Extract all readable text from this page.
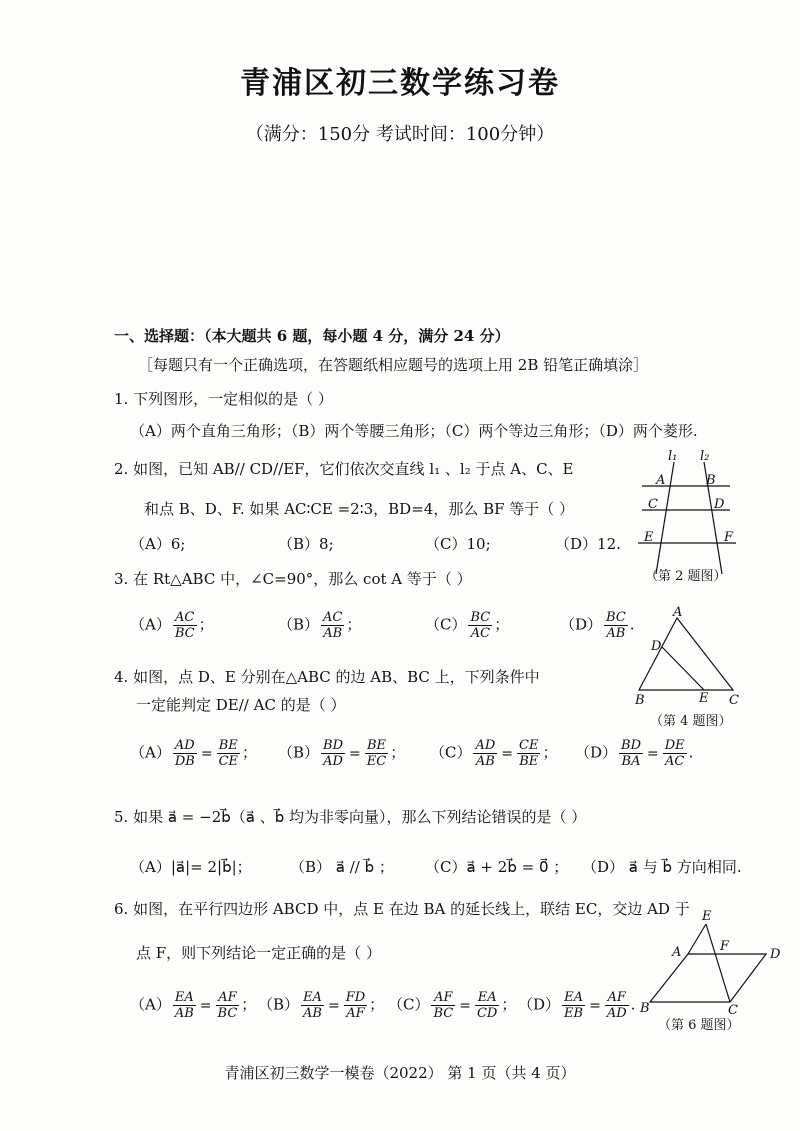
青浦区初三数学练习卷
（满分：150分 考试时间：100分钟）
一、选择题：（本大题共 6 题，每小题 4 分，满分 24 分）
［每题只有一个正确选项，在答题纸相应题号的选项上用 2B 铅笔正确填涂］
1. 下列图形，一定相似的是（ ）
（A）两个直角三角形；（B）两个等腰三角形；（C）两个等边三角形；（D）两个菱形.
2. 如图，已知 AB// CD//EF，它们依次交直线 l₁ 、l₂ 于点 A、C、E
和点 B、D、F. 如果 AC∶CE =2∶3，BD=4，那么 BF 等于（ ）
（A）6;	（B）8;	（C）10;	（D）12.
l₁ l₂
A	B
C	D
E	F
（第 2 题图）
3. 在 Rt△ABC 中，∠C=90°，那么 cot A 等于（ ）
$(A) \frac{AC}{BC}$ ；	$(B) \frac{AC}{AB}$ ；	$(C) \frac{BC}{AC}$ ；	$(D) \frac{BC}{AB}$ .
A
D
B	E C
（第 4 题图）
4. 如图，点 D、E 分别在△ABC 的边 AB、BC 上，下列条件中
一定能判定 DE// AC 的是（ ）
$(A) \frac{AD}{DB} = \frac{BE}{CE}$ ； $(B) \frac{BD}{AD} = \frac{BE}{EC}$ ； $(C) \frac{AD}{AB} = \frac{CE}{BE}$ ； $(D) \frac{BD}{BA} = \frac{DE}{AC}$ .
5. 如果 a⃗ = −2b⃗（a⃗ 、b⃗ 均为非零向量），那么下列结论错误的是（ ）
（A）|a⃗|= 2|b⃗|；	（B） a⃗ // b⃗ ； （C）a⃗ + 2b⃗ = 0⃗ ； （D） a⃗ 与 b⃗ 方向相同.
6. 如图，在平行四边形 ABCD 中，点 E 在边 BA 的延长线上，联结 EC，交边 AD 于
点 F，则下列结论一定正确的是（ ）
E
A	F
D
B	C
（第 6 题图）
$(A) \frac{EA}{AB} = \frac{AF}{BC}$ ； $(B) \frac{EA}{AB} = \frac{FD}{AF}$ ； $(C) \frac{AF}{BC} = \frac{EA}{CD}$ ； $(D) \frac{EA}{EB} = \frac{AF}{AD}$ .
青浦区初三数学一模卷（2022） 第 1 页（共 4 页）
